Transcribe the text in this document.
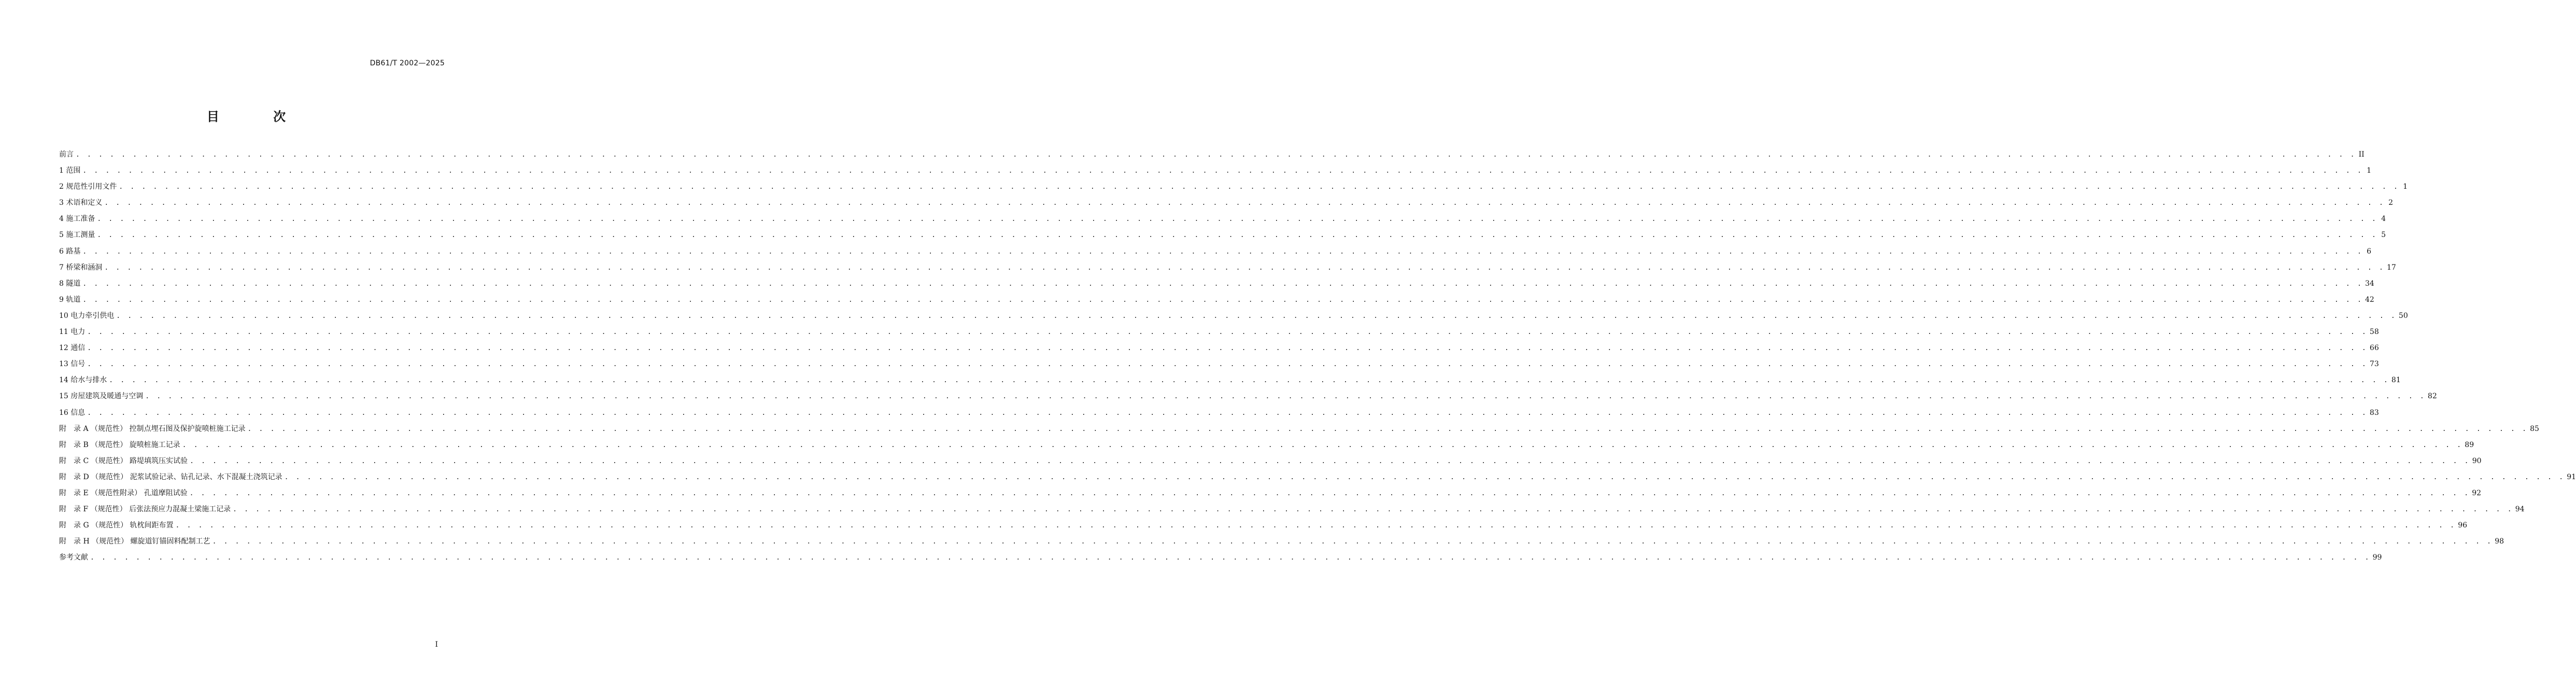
DB61/T 2002—2025
目 次
前言 . . . . . . . . . . . . . . . . . . . . . . . . . . . . . . . . . . . . . . . . . . . . . . . . . . . . . . . . . . . . . . . . . . . . . . . . . . . . . . . . . . . . . . . . . . . . . . . . . . . . . . . . . . . . . . . . . . . . . . . . . . . . . . . . . . . . . . . . . . . . . . . . . . . . . . . . . . . . . . . . . . . . . . . . . . . . . . . . . . . . . . . . . . . . . . . . . . . . . . . . II
1 范围 . . . . . . . . . . . . . . . . . . . . . . . . . . . . . . . . . . . . . . . . . . . . . . . . . . . . . . . . . . . . . . . . . . . . . . . . . . . . . . . . . . . . . . . . . . . . . . . . . . . . . . . . . . . . . . . . . . . . . . . . . . . . . . . . . . . . . . . . . . . . . . . . . . . . . . . . . . . . . . . . . . . . . . . . . . . . . . . . . . . . . . . . . . . . . . . . . . . . . . . . 1
2 规范性引用文件 . . . . . . . . . . . . . . . . . . . . . . . . . . . . . . . . . . . . . . . . . . . . . . . . . . . . . . . . . . . . . . . . . . . . . . . . . . . . . . . . . . . . . . . . . . . . . . . . . . . . . . . . . . . . . . . . . . . . . . . . . . . . . . . . . . . . . . . . . . . . . . . . . . . . . . . . . . . . . . . . . . . . . . . . . . . . . . . . . . . . . . . . . . . . . . . . . . . . . . . . 1
3 术语和定义 . . . . . . . . . . . . . . . . . . . . . . . . . . . . . . . . . . . . . . . . . . . . . . . . . . . . . . . . . . . . . . . . . . . . . . . . . . . . . . . . . . . . . . . . . . . . . . . . . . . . . . . . . . . . . . . . . . . . . . . . . . . . . . . . . . . . . . . . . . . . . . . . . . . . . . . . . . . . . . . . . . . . . . . . . . . . . . . . . . . . . . . . . . . . . . . . . . . . . . . . 2
4 施工准备 . . . . . . . . . . . . . . . . . . . . . . . . . . . . . . . . . . . . . . . . . . . . . . . . . . . . . . . . . . . . . . . . . . . . . . . . . . . . . . . . . . . . . . . . . . . . . . . . . . . . . . . . . . . . . . . . . . . . . . . . . . . . . . . . . . . . . . . . . . . . . . . . . . . . . . . . . . . . . . . . . . . . . . . . . . . . . . . . . . . . . . . . . . . . . . . . . . . . . . . . 4
5 施工测量 . . . . . . . . . . . . . . . . . . . . . . . . . . . . . . . . . . . . . . . . . . . . . . . . . . . . . . . . . . . . . . . . . . . . . . . . . . . . . . . . . . . . . . . . . . . . . . . . . . . . . . . . . . . . . . . . . . . . . . . . . . . . . . . . . . . . . . . . . . . . . . . . . . . . . . . . . . . . . . . . . . . . . . . . . . . . . . . . . . . . . . . . . . . . . . . . . . . . . . . . 5
6 路基 . . . . . . . . . . . . . . . . . . . . . . . . . . . . . . . . . . . . . . . . . . . . . . . . . . . . . . . . . . . . . . . . . . . . . . . . . . . . . . . . . . . . . . . . . . . . . . . . . . . . . . . . . . . . . . . . . . . . . . . . . . . . . . . . . . . . . . . . . . . . . . . . . . . . . . . . . . . . . . . . . . . . . . . . . . . . . . . . . . . . . . . . . . . . . . . . . . . . . . . . 6
7 桥梁和涵洞 . . . . . . . . . . . . . . . . . . . . . . . . . . . . . . . . . . . . . . . . . . . . . . . . . . . . . . . . . . . . . . . . . . . . . . . . . . . . . . . . . . . . . . . . . . . . . . . . . . . . . . . . . . . . . . . . . . . . . . . . . . . . . . . . . . . . . . . . . . . . . . . . . . . . . . . . . . . . . . . . . . . . . . . . . . . . . . . . . . . . . . . . . . . . . . . . . . . . . . . . 17
8 隧道 . . . . . . . . . . . . . . . . . . . . . . . . . . . . . . . . . . . . . . . . . . . . . . . . . . . . . . . . . . . . . . . . . . . . . . . . . . . . . . . . . . . . . . . . . . . . . . . . . . . . . . . . . . . . . . . . . . . . . . . . . . . . . . . . . . . . . . . . . . . . . . . . . . . . . . . . . . . . . . . . . . . . . . . . . . . . . . . . . . . . . . . . . . . . . . . . . . . . . . . . 34
9 轨道 . . . . . . . . . . . . . . . . . . . . . . . . . . . . . . . . . . . . . . . . . . . . . . . . . . . . . . . . . . . . . . . . . . . . . . . . . . . . . . . . . . . . . . . . . . . . . . . . . . . . . . . . . . . . . . . . . . . . . . . . . . . . . . . . . . . . . . . . . . . . . . . . . . . . . . . . . . . . . . . . . . . . . . . . . . . . . . . . . . . . . . . . . . . . . . . . . . . . . . . . 42
10 电力牵引供电 . . . . . . . . . . . . . . . . . . . . . . . . . . . . . . . . . . . . . . . . . . . . . . . . . . . . . . . . . . . . . . . . . . . . . . . . . . . . . . . . . . . . . . . . . . . . . . . . . . . . . . . . . . . . . . . . . . . . . . . . . . . . . . . . . . . . . . . . . . . . . . . . . . . . . . . . . . . . . . . . . . . . . . . . . . . . . . . . . . . . . . . . . . . . . . . . . . . . . . . . 50
11 电力 . . . . . . . . . . . . . . . . . . . . . . . . . . . . . . . . . . . . . . . . . . . . . . . . . . . . . . . . . . . . . . . . . . . . . . . . . . . . . . . . . . . . . . . . . . . . . . . . . . . . . . . . . . . . . . . . . . . . . . . . . . . . . . . . . . . . . . . . . . . . . . . . . . . . . . . . . . . . . . . . . . . . . . . . . . . . . . . . . . . . . . . . . . . . . . . . . . . . . . . . 58
12 通信 . . . . . . . . . . . . . . . . . . . . . . . . . . . . . . . . . . . . . . . . . . . . . . . . . . . . . . . . . . . . . . . . . . . . . . . . . . . . . . . . . . . . . . . . . . . . . . . . . . . . . . . . . . . . . . . . . . . . . . . . . . . . . . . . . . . . . . . . . . . . . . . . . . . . . . . . . . . . . . . . . . . . . . . . . . . . . . . . . . . . . . . . . . . . . . . . . . . . . . . . 66
13 信号 . . . . . . . . . . . . . . . . . . . . . . . . . . . . . . . . . . . . . . . . . . . . . . . . . . . . . . . . . . . . . . . . . . . . . . . . . . . . . . . . . . . . . . . . . . . . . . . . . . . . . . . . . . . . . . . . . . . . . . . . . . . . . . . . . . . . . . . . . . . . . . . . . . . . . . . . . . . . . . . . . . . . . . . . . . . . . . . . . . . . . . . . . . . . . . . . . . . . . . . . 73
14 给水与排水 . . . . . . . . . . . . . . . . . . . . . . . . . . . . . . . . . . . . . . . . . . . . . . . . . . . . . . . . . . . . . . . . . . . . . . . . . . . . . . . . . . . . . . . . . . . . . . . . . . . . . . . . . . . . . . . . . . . . . . . . . . . . . . . . . . . . . . . . . . . . . . . . . . . . . . . . . . . . . . . . . . . . . . . . . . . . . . . . . . . . . . . . . . . . . . . . . . . . . . . . 81
15 房屋建筑及暖通与空调 . . . . . . . . . . . . . . . . . . . . . . . . . . . . . . . . . . . . . . . . . . . . . . . . . . . . . . . . . . . . . . . . . . . . . . . . . . . . . . . . . . . . . . . . . . . . . . . . . . . . . . . . . . . . . . . . . . . . . . . . . . . . . . . . . . . . . . . . . . . . . . . . . . . . . . . . . . . . . . . . . . . . . . . . . . . . . . . . . . . . . . . . . . . . . . . . . . . . . . . . 82
16 信息 . . . . . . . . . . . . . . . . . . . . . . . . . . . . . . . . . . . . . . . . . . . . . . . . . . . . . . . . . . . . . . . . . . . . . . . . . . . . . . . . . . . . . . . . . . . . . . . . . . . . . . . . . . . . . . . . . . . . . . . . . . . . . . . . . . . . . . . . . . . . . . . . . . . . . . . . . . . . . . . . . . . . . . . . . . . . . . . . . . . . . . . . . . . . . . . . . . . . . . . . 83
附　录 A （规范性） 控制点埋石图及保护旋喷桩施工记录 . . . . . . . . . . . . . . . . . . . . . . . . . . . . . . . . . . . . . . . . . . . . . . . . . . . . . . . . . . . . . . . . . . . . . . . . . . . . . . . . . . . . . . . . . . . . . . . . . . . . . . . . . . . . . . . . . . . . . . . . . . . . . . . . . . . . . . . . . . . . . . . . . . . . . . . . . . . . . . . . . . . . . . . . . . . . . . . . . . . . . . . . . . . . . . . . . . . . . . . . 85
附　录 B （规范性） 旋喷桩施工记录 . . . . . . . . . . . . . . . . . . . . . . . . . . . . . . . . . . . . . . . . . . . . . . . . . . . . . . . . . . . . . . . . . . . . . . . . . . . . . . . . . . . . . . . . . . . . . . . . . . . . . . . . . . . . . . . . . . . . . . . . . . . . . . . . . . . . . . . . . . . . . . . . . . . . . . . . . . . . . . . . . . . . . . . . . . . . . . . . . . . . . . . . . . . . . . . . . . . . . . . . 89
附　录 C （规范性） 路堤填筑压实试验 . . . . . . . . . . . . . . . . . . . . . . . . . . . . . . . . . . . . . . . . . . . . . . . . . . . . . . . . . . . . . . . . . . . . . . . . . . . . . . . . . . . . . . . . . . . . . . . . . . . . . . . . . . . . . . . . . . . . . . . . . . . . . . . . . . . . . . . . . . . . . . . . . . . . . . . . . . . . . . . . . . . . . . . . . . . . . . . . . . . . . . . . . . . . . . . . . . . . . . . . 90
附　录 D （规范性） 泥浆试验记录、钻孔记录、水下混凝土浇筑记录 . . . . . . . . . . . . . . . . . . . . . . . . . . . . . . . . . . . . . . . . . . . . . . . . . . . . . . . . . . . . . . . . . . . . . . . . . . . . . . . . . . . . . . . . . . . . . . . . . . . . . . . . . . . . . . . . . . . . . . . . . . . . . . . . . . . . . . . . . . . . . . . . . . . . . . . . . . . . . . . . . . . . . . . . . . . . . . . . . . . . . . . . . . . . . . . . . . . . . . . . 91
附　录 E （规范性附录） 孔道摩阻试验 . . . . . . . . . . . . . . . . . . . . . . . . . . . . . . . . . . . . . . . . . . . . . . . . . . . . . . . . . . . . . . . . . . . . . . . . . . . . . . . . . . . . . . . . . . . . . . . . . . . . . . . . . . . . . . . . . . . . . . . . . . . . . . . . . . . . . . . . . . . . . . . . . . . . . . . . . . . . . . . . . . . . . . . . . . . . . . . . . . . . . . . . . . . . . . . . . . . . . . . . 92
附　录 F （规范性） 后张法预应力混凝土梁施工记录 . . . . . . . . . . . . . . . . . . . . . . . . . . . . . . . . . . . . . . . . . . . . . . . . . . . . . . . . . . . . . . . . . . . . . . . . . . . . . . . . . . . . . . . . . . . . . . . . . . . . . . . . . . . . . . . . . . . . . . . . . . . . . . . . . . . . . . . . . . . . . . . . . . . . . . . . . . . . . . . . . . . . . . . . . . . . . . . . . . . . . . . . . . . . . . . . . . . . . . . . 94
附　录 G （规范性） 轨枕间距布置 . . . . . . . . . . . . . . . . . . . . . . . . . . . . . . . . . . . . . . . . . . . . . . . . . . . . . . . . . . . . . . . . . . . . . . . . . . . . . . . . . . . . . . . . . . . . . . . . . . . . . . . . . . . . . . . . . . . . . . . . . . . . . . . . . . . . . . . . . . . . . . . . . . . . . . . . . . . . . . . . . . . . . . . . . . . . . . . . . . . . . . . . . . . . . . . . . . . . . . . . 96
附　录 H （规范性） 螺旋道钉锚固料配制工艺 . . . . . . . . . . . . . . . . . . . . . . . . . . . . . . . . . . . . . . . . . . . . . . . . . . . . . . . . . . . . . . . . . . . . . . . . . . . . . . . . . . . . . . . . . . . . . . . . . . . . . . . . . . . . . . . . . . . . . . . . . . . . . . . . . . . . . . . . . . . . . . . . . . . . . . . . . . . . . . . . . . . . . . . . . . . . . . . . . . . . . . . . . . . . . . . . . . . . . . . . 98
参考文献 . . . . . . . . . . . . . . . . . . . . . . . . . . . . . . . . . . . . . . . . . . . . . . . . . . . . . . . . . . . . . . . . . . . . . . . . . . . . . . . . . . . . . . . . . . . . . . . . . . . . . . . . . . . . . . . . . . . . . . . . . . . . . . . . . . . . . . . . . . . . . . . . . . . . . . . . . . . . . . . . . . . . . . . . . . . . . . . . . . . . . . . . . . . . . . . . . . . . . . . . 99
I
